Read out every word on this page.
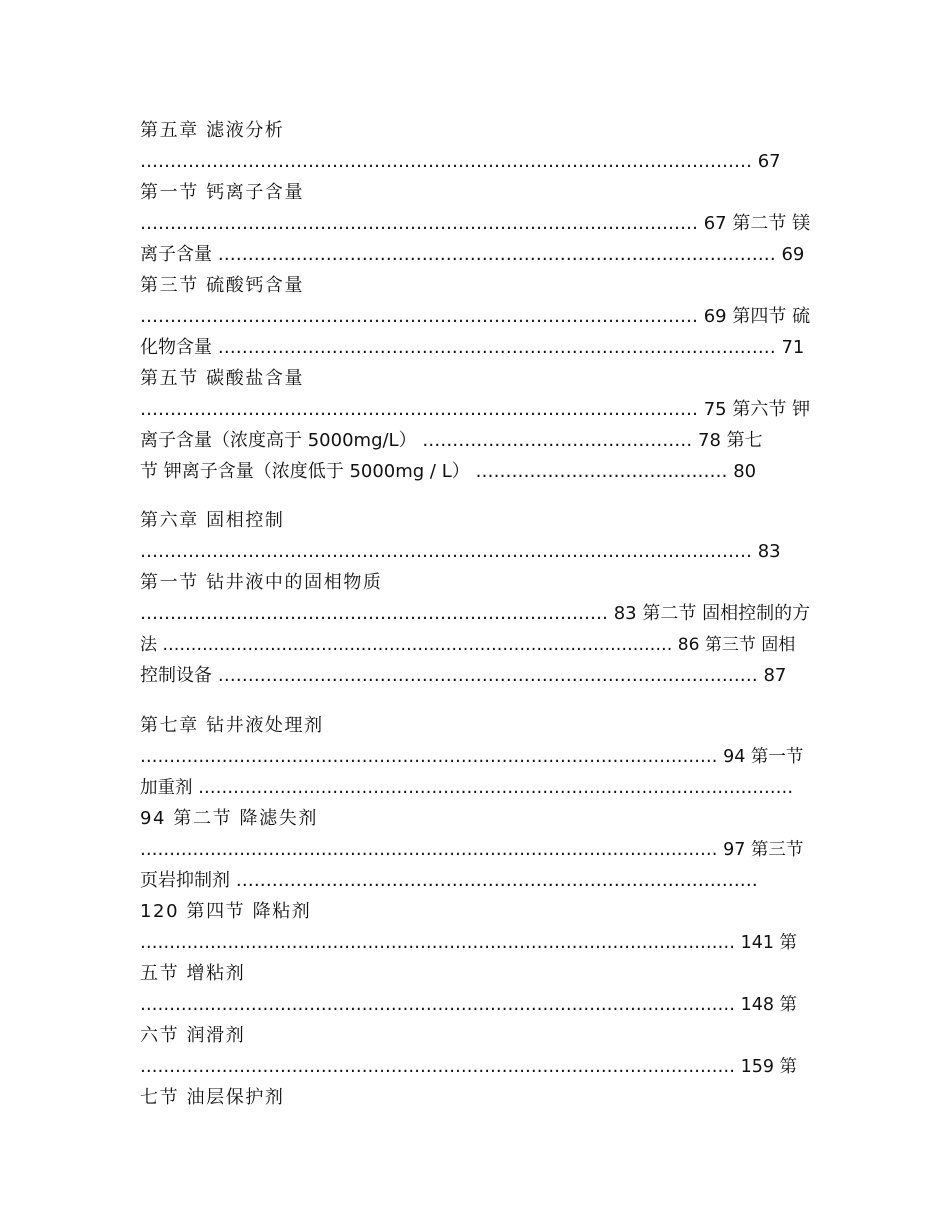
第五章 滤液分析
………………………………………………………………………………………… 67
第一节 钙离子含量
………………………………………………………………………………… 67 第二节 镁
离子含量 ………………………………………………………………………………… 69
第三节 硫酸钙含量
………………………………………………………………………………… 69 第四节 硫
化物含量 ………………………………………………………………………………… 71
第五节 碳酸盐含量
………………………………………………………………………………… 75 第六节 钾
离子含量（浓度高于 5000mg/L） ……………………………………… 78 第七
节 钾离子含量（浓度低于 5000mg / L） …………………………………… 80
第六章 固相控制
………………………………………………………………………………………… 83
第一节 钻井液中的固相物质
…………………………………………………………………… 83 第二节 固相控制的方
法 ……………………………………………………………………………… 86 第三节 固相
控制设备 ……………………………………………………………………………… 87
第七章 钻井液处理剂
……………………………………………………………………………………… 94 第一节
加重剂 …………………………………………………………………………………………
94 第二节 降滤失剂
……………………………………………………………………………………… 97 第三节
页岩抑制剂 ……………………………………………………………………………
120 第四节 降粘剂
………………………………………………………………………………………… 141 第
五节 增粘剂
………………………………………………………………………………………… 148 第
六节 润滑剂
………………………………………………………………………………………… 159 第
七节 油层保护剂
